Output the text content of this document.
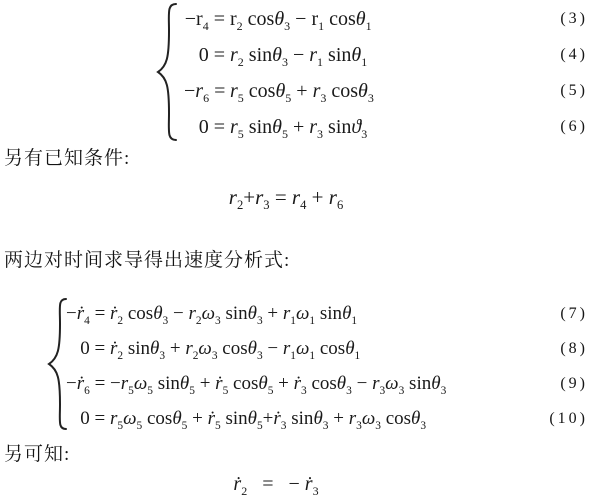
$-r_4 = r_2$ $\cos\theta_3 - r_1$ cosθ$_1$	(3)
$0 = r_2$ $\sin\theta_3 - r_1$ sinθ$_1$	(4)
$-r_6 = r_5$ $\cos\theta_5 + r_3$ cosθ$_3$	(5)
$0 = r_5$ $\sin\theta_5 + r_3$ sinϑ$_3$	(6)
另有已知条件:
$r_2+r_3 = r_4 + r_6$
两边对时间求导得出速度分析式:
−ṙ$_4$ = ṙ$_2$ $\cos\theta_3 - r_2\omega_3$ $\sin\theta_3 + r_1\omega_1$ sinθ$_1$	(7)
0 = ṙ$_2$ $\sin\theta_3 + r_2\omega_3$ $\cos\theta_3 - r_1\omega_1$ cosθ$_1$	(8)
−ṙ$_6$ = $-r_5\omega_5$ sinθ$_5$ + ṙ$_5$ cosθ$_5$ + ṙ$_3$ $\cos\theta_3 - r_3\omega_3$ sinθ$_3$	(9)
$0 = r_5\omega_5$ cosθ$_5$ + ṙ$_5$ sinθ$_5$+ṙ$_3$ $\sin\theta_3 + r_3\omega_3$ cosθ$_3$	(10)
另可知:
ṙ$_2$  =  − ṙ$_3$
